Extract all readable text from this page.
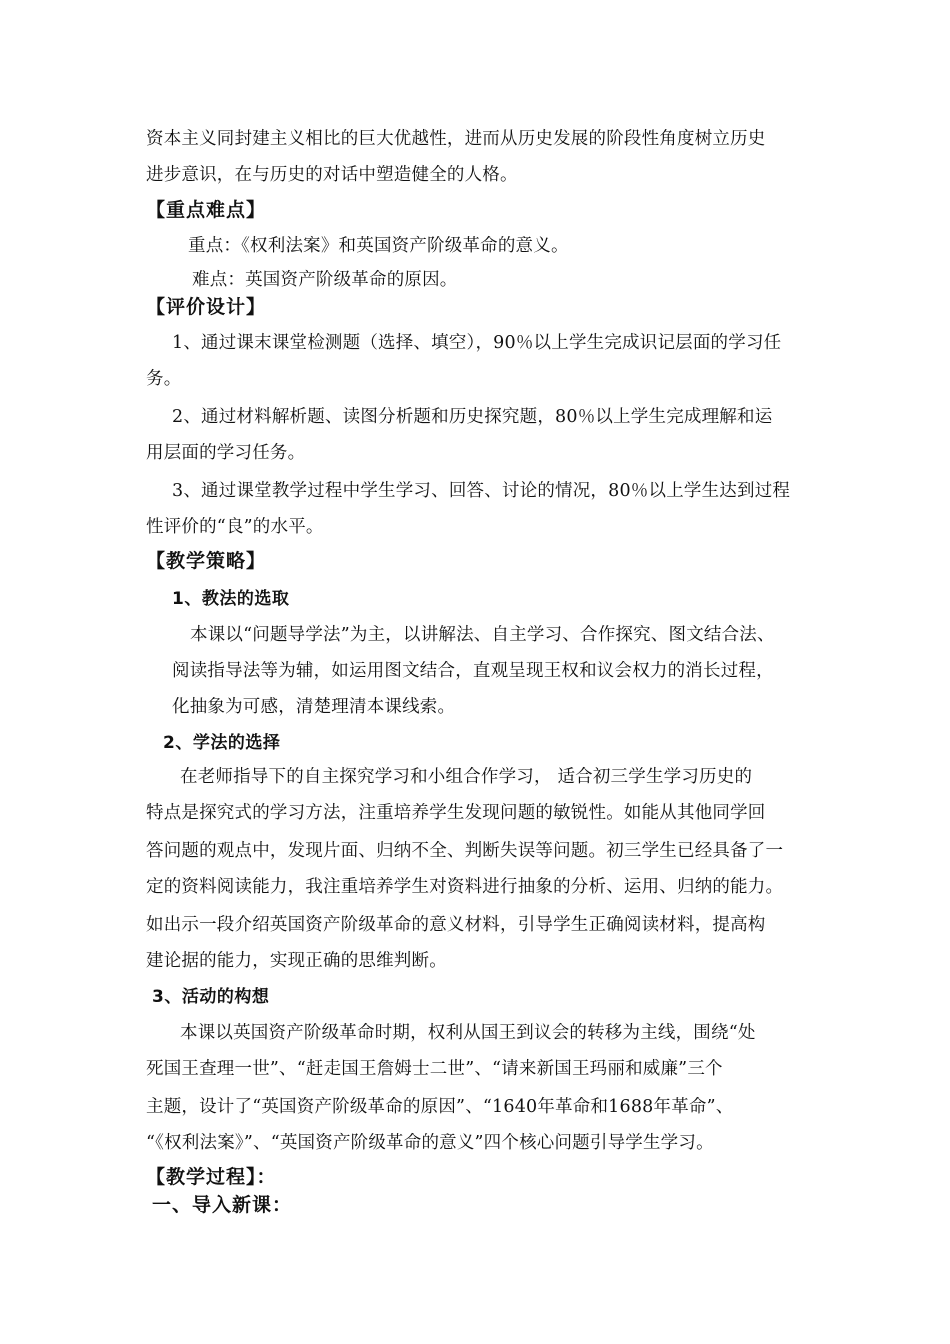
资本主义同封建主义相比的巨大优越性，进而从历史发展的阶段性角度树立历史
进步意识，在与历史的对话中塑造健全的人格。
【重点难点】
重点：《权利法案》和英国资产阶级革命的意义。
难点：英国资产阶级革命的原因。
【评价设计】
1、通过课末课堂检测题（选择、填空），90％以上学生完成识记层面的学习任
务。
2、通过材料解析题、读图分析题和历史探究题，80％以上学生完成理解和运
用层面的学习任务。
3、通过课堂教学过程中学生学习、回答、讨论的情况，80％以上学生达到过程
性评价的“良”的水平。
【教学策略】
1、教法的选取
本课以“问题导学法”为主，以讲解法、自主学习、合作探究、图文结合法、
阅读指导法等为辅，如运用图文结合，直观呈现王权和议会权力的消长过程，
化抽象为可感，清楚理清本课线索。
2、学法的选择
在老师指导下的自主探究学习和小组合作学习， 适合初三学生学习历史的
特点是探究式的学习方法，注重培养学生发现问题的敏锐性。如能从其他同学回
答问题的观点中，发现片面、归纳不全、判断失误等问题。初三学生已经具备了一
定的资料阅读能力，我注重培养学生对资料进行抽象的分析、运用、归纳的能力。
如出示一段介绍英国资产阶级革命的意义材料，引导学生正确阅读材料，提高构
建论据的能力，实现正确的思维判断。
3、活动的构想
本课以英国资产阶级革命时期，权利从国王到议会的转移为主线，围绕“处
死国王查理一世”、“赶走国王詹姆士二世”、“请来新国王玛丽和威廉”三个
主题，设计了“英国资产阶级革命的原因”、“1640年革命和1688年革命”、
“《权利法案》”、“英国资产阶级革命的意义”四个核心问题引导学生学习。
【教学过程】：
一、导入新课：
